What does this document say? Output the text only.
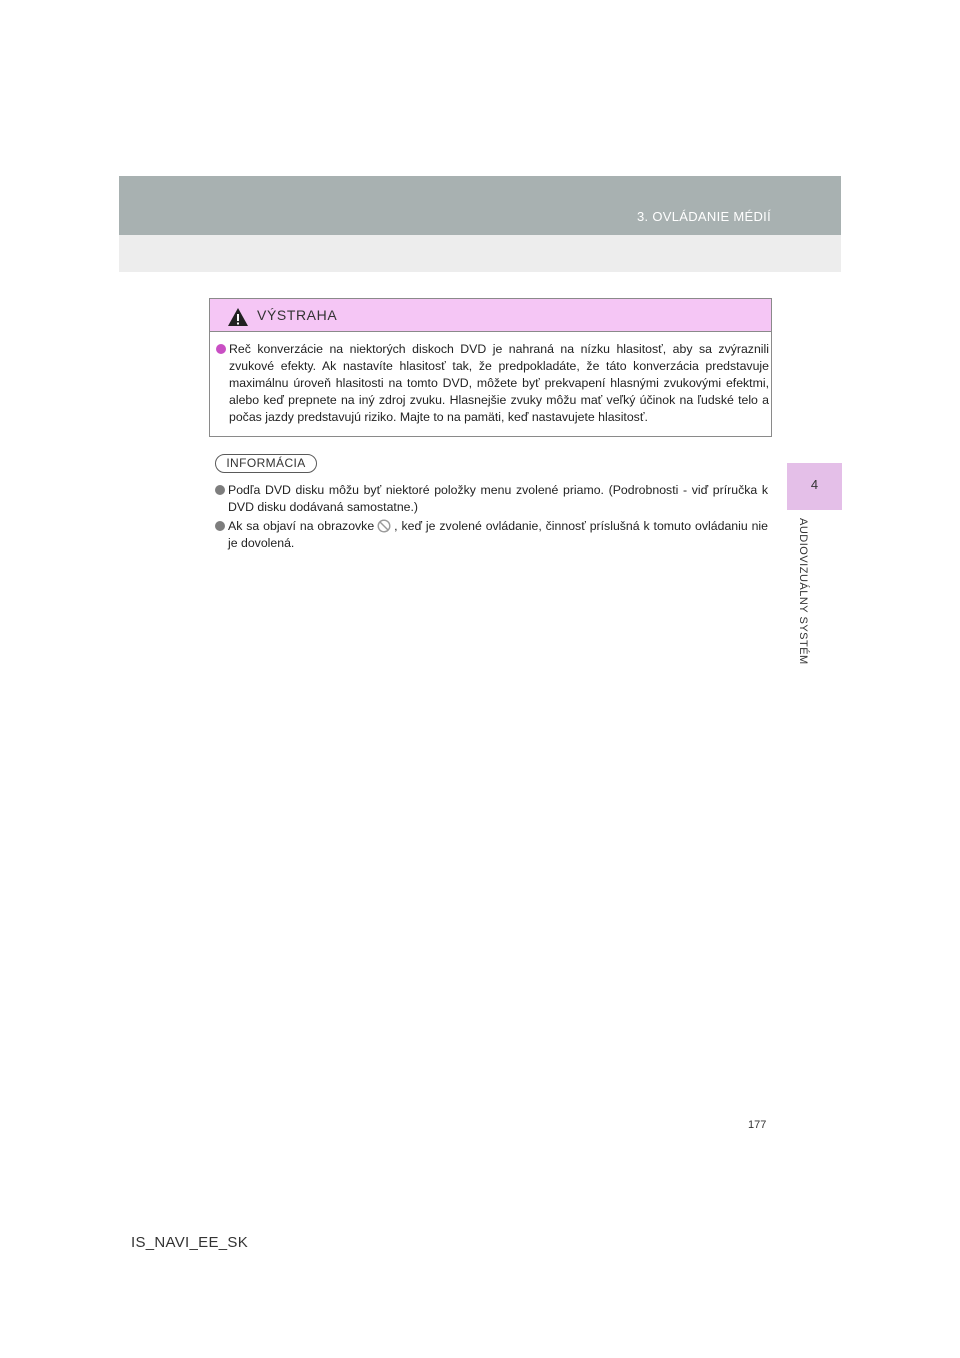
3. OVLÁDANIE MÉDIÍ
4
AUDIOVIZUÁLNY SYSTÉM
VÝSTRAHA
Reč konverzácie na niektorých diskoch DVD je nahraná na nízku hlasitosť, aby sa zvýraznili zvukové efekty. Ak nastavíte hlasitosť tak, že predpokladáte, že táto konverzácia predstavuje maximálnu úroveň hlasitosti na tomto DVD, môžete byť prekvapení hlasnými zvukovými efektmi, alebo keď prepnete na iný zdroj zvuku. Hlasnejšie zvuky môžu mať veľký účinok na ľudské telo a počas jazdy predstavujú riziko. Majte to na pamäti, keď nastavujete hlasitosť.
INFORMÁCIA
Podľa DVD disku môžu byť niektoré položky menu zvolené priamo. (Podrobnosti - viď príručka k DVD disku dodávaná samostatne.)
Ak sa objaví na obrazovke , keď je zvolené ovládanie, činnosť príslušná k tomuto ovládaniu nie je dovolená.
177
IS_NAVI_EE_SK
